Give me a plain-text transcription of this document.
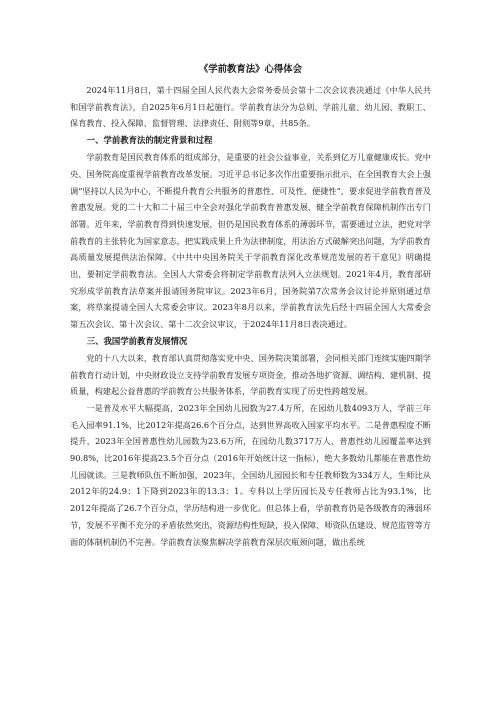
《学前教育法》心得体会

2024年11月8日，第十四届全国人民代表大会常务委员会第十二次会议表决通过《中华人民共和国学前教育法》，自2025年6月1日起施行。学前教育法分为总则、学前儿童、幼儿园、教职工、保育教育、投入保障、监督管理、法律责任、附则等9章，共85条。

一、学前教育法的制定背景和过程

学前教育是国民教育体系的组成部分，是重要的社会公益事业，关系到亿万儿童健康成长。党中央、国务院高度重视学前教育改革发展。习近平总书记多次作出重要指示批示，在全国教育大会上强调“坚持以人民为中心，不断提升教育公共服务的普惠性、可及性、便捷性”，要求促进学前教育普及普惠发展。党的二十大和二十届三中全会对强化学前教育普惠发展、健全学前教育保障机制作出专门部署。近年来，学前教育得到快速发展，但仍是国民教育体系的薄弱环节，需要通过立法，把党对学前教育的主张转化为国家意志，把实践成果上升为法律制度，用法治方式破解突出问题，为学前教育高质量发展提供法治保障。《中共中央国务院关于学前教育深化改革规范发展的若干意见》明确提出，要制定学前教育法。全国人大常委会将制定学前教育法列入立法规划。2021年4月，教育部研究形成学前教育法草案并报请国务院审议。2023年6月，国务院第7次常务会议讨论并原则通过草案，将草案提请全国人大常委会审议。2023年8月以来，学前教育法先后经十四届全国人大常委会第五次会议、第十次会议、第十二次会议审议，于2024年11月8日表决通过。

三、我国学前教育发展情况

党的十八大以来，教育部认真贯彻落实党中央、国务院决策部署，会同相关部门连续实施四期学前教育行动计划，中央财政设立支持学前教育发展专项资金，推动各地扩资源、调结构、建机制、提质量，构建起公益普惠的学前教育公共服务体系，学前教育实现了历史性跨越发展。

一是普及水平大幅提高，2023年全国幼儿园数为27.4万所，在园幼儿数4093万人，学前三年毛入园率91.1%，比2012年提高26.6个百分点，达到世界高收入国家平均水平。二是普惠程度不断提升，2023年全国普惠性幼儿园数为23.6万所，在园幼儿数3717万人，普惠性幼儿园覆盖率达到90.8%，比2016年提高23.5个百分点（2016年开始统计这一指标），绝大多数幼儿都能在普惠性幼儿园就读。三是教师队伍不断加强，2023年，全国幼儿园园长和专任教师数为334万人，生师比从2012年的24.9：1下降到2023年的13.3：1。专科以上学历园长及专任教师占比为93.1%，比2012年提高了26.7个百分点，学历结构进一步优化。但总体上看，学前教育仍是各级教育的薄弱环节，发展不平衡不充分的矛盾依然突出，资源结构性短缺，投入保障、师资队伍建设、规范监管等方面的体制机制仍不完善。学前教育法聚焦解决学前教育深层次瓶颈问题，做出系统
